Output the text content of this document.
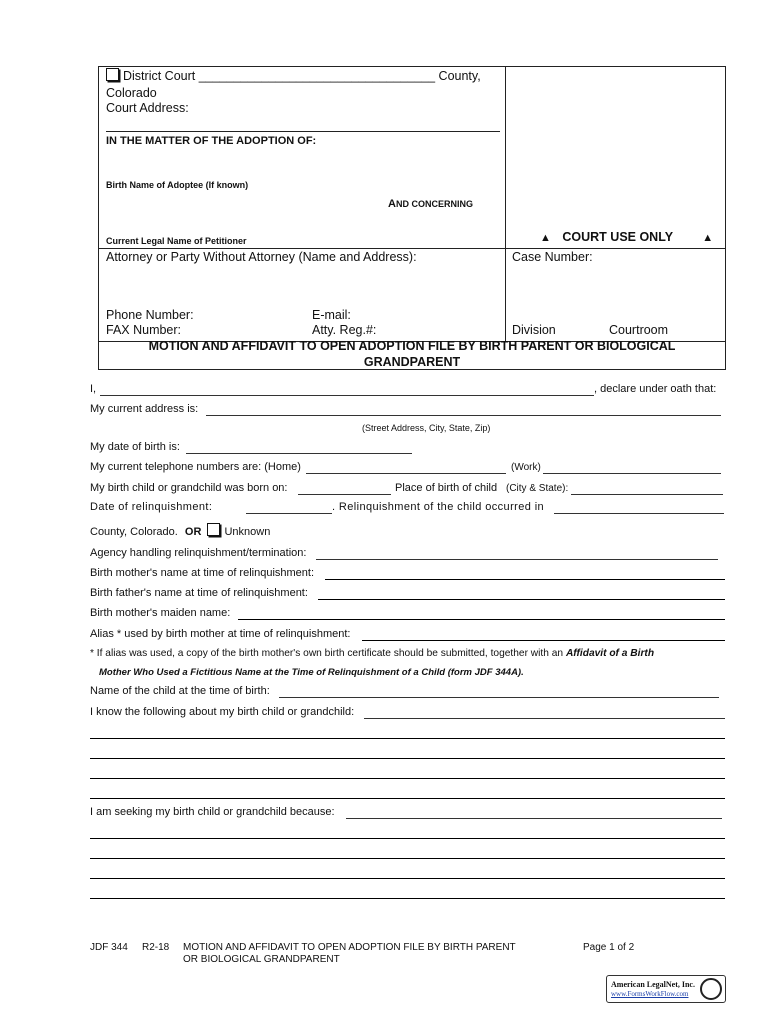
District Court __________________________________ County,
Colorado
Court Address:
IN THE MATTER OF THE ADOPTION OF:
Birth Name of Adoptee (If known)
AND CONCERNING
Current Legal Name of Petitioner	▲ COURT USE ONLY	▲
Attorney or Party Without Attorney (Name and Address):	Case Number:
Phone Number:	E-mail:
FAX Number:	Atty. Reg.#:	Division	Courtroom
MOTION AND AFFIDAVIT TO OPEN ADOPTION FILE BY BIRTH PARENT OR BIOLOGICAL
GRANDPARENT
I,	, declare under oath that:
My current address is:
(Street Address, City, State, Zip)
My date of birth is:
My current telephone numbers are: (Home)	(Work)
My birth child or grandchild was born on:	Place of birth of child (City & State):
Date of relinquishment:	. Relinquishment of the child occurred in
County, Colorado. OR Unknown
Agency handling relinquishment/termination:
Birth mother's name at time of relinquishment:
Birth father's name at time of relinquishment:
Birth mother's maiden name:
Alias * used by birth mother at time of relinquishment:
* If alias was used, a copy of the birth mother's own birth certificate should be submitted, together with an Affidavit of a Birth
Mother Who Used a Fictitious Name at the Time of Relinquishment of a Child (form JDF 344A).
Name of the child at the time of birth:
I know the following about my birth child or grandchild:
I am seeking my birth child or grandchild because:
JDF 344 R2-18 MOTION AND AFFIDAVIT TO OPEN ADOPTION FILE BY BIRTH PARENT
OR BIOLOGICAL GRANDPARENT
Page 1 of 2
American LegalNet, Inc.
www.FormsWorkFlow.com
